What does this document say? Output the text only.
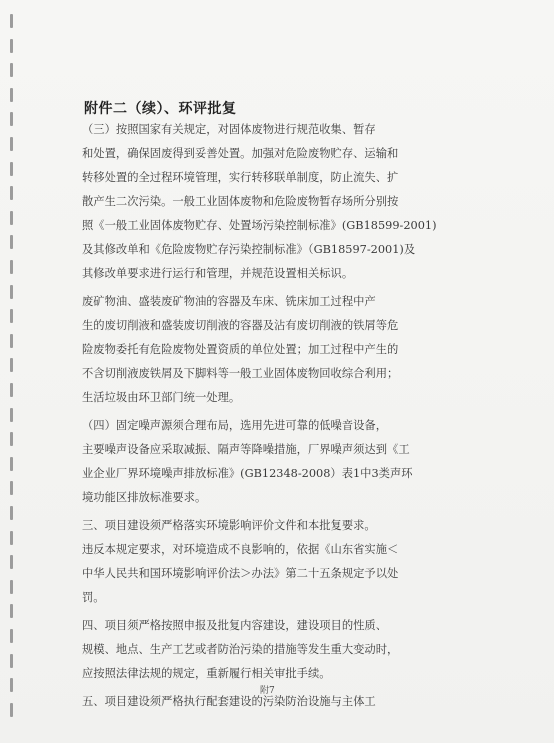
附件二（续）、环评批复
（三）按照国家有关规定，对固体废物进行规范收集、暂存
和处置，确保固废得到妥善处置。加强对危险废物贮存、运输和
转移处置的全过程环境管理，实行转移联单制度，防止流失、扩
散产生二次污染。一般工业固体废物和危险废物暂存场所分别按
照《一般工业固体废物贮存、处置场污染控制标准》(GB18599-2001)
及其修改单和《危险废物贮存污染控制标准》（GB18597-2001)及
其修改单要求进行运行和管理，并规范设置相关标识。
废矿物油、盛装废矿物油的容器及车床、铣床加工过程中产
生的废切削液和盛装废切削液的容器及沾有废切削液的铁屑等危
险废物委托有危险废物处置资质的单位处置；加工过程中产生的
不含切削液废铁屑及下脚料等一般工业固体废物回收综合利用；
生活垃圾由环卫部门统一处理。
（四）固定噪声源须合理布局，选用先进可靠的低噪音设备，
主要噪声设备应采取减振、隔声等降噪措施，厂界噪声须达到《工
业企业厂界环境噪声排放标准》(GB12348-2008）表1中3类声环
境功能区排放标准要求。
三、项目建设须严格落实环境影响评价文件和本批复要求。
违反本规定要求，对环境造成不良影响的，依据《山东省实施＜
中华人民共和国环境影响评价法＞办法》第二十五条规定予以处
罚。
四、项目须严格按照申报及批复内容建设，建设项目的性质、
规模、地点、生产工艺或者防治污染的措施等发生重大变动时，
应按照法律法规的规定，重新履行相关审批手续。
五、项目建设须严格执行配套建设的污染防治设施与主体工
附7
